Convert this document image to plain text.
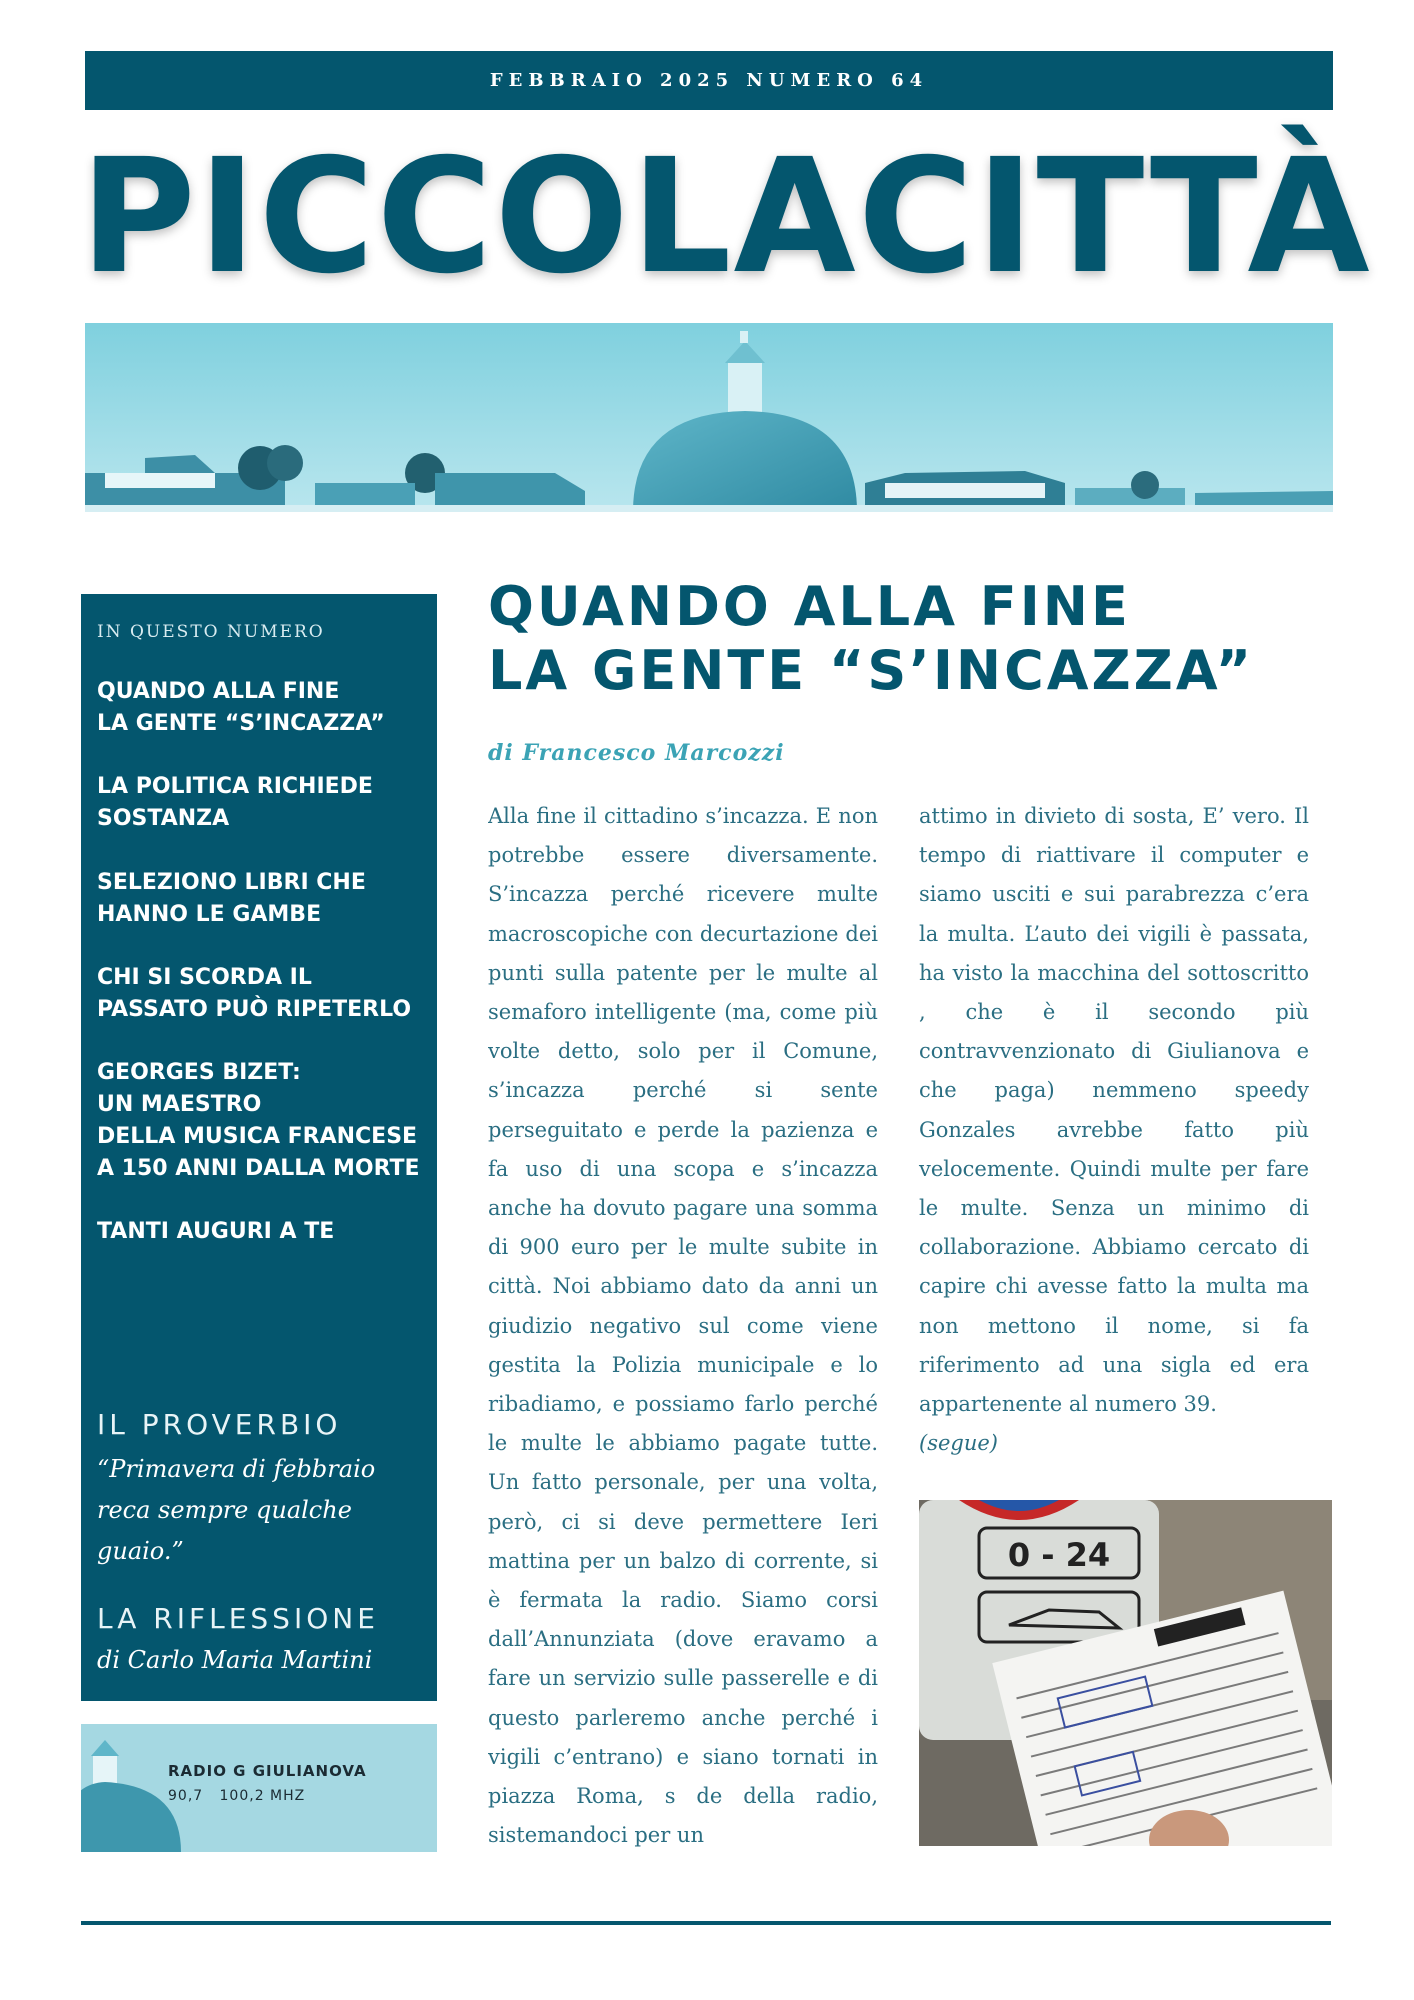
FEBBRAIO 2025 NUMERO 64
PICCOLACITTÀ
IN QUESTO NUMERO
QUANDO ALLA FINE
LA GENTE “S’INCAZZA”
LA POLITICA RICHIEDE
SOSTANZA
SELEZIONO LIBRI CHE
HANNO LE GAMBE
CHI SI SCORDA IL
PASSATO PUÒ RIPETERLO
GEORGES BIZET:
UN MAESTRO
DELLA MUSICA FRANCESE
A 150 ANNI DALLA MORTE
TANTI AUGURI A TE
IL PROVERBIO
“Primavera di febbraio reca sempre qualche guaio.”
LA RIFLESSIONE
di Carlo Maria Martini
RADIO G GIULIANOVA
90,7   100,2 MHZ
QUANDO ALLA FINE
LA GENTE “S’INCAZZA”
di Francesco Marcozzi
Alla fine il cittadino s’incazza. E non potrebbe essere diversamente. S’incazza perché ricevere multe macroscopiche con decurtazione dei punti sulla patente per le multe al semaforo intelligente (ma, come più volte detto, solo per il Comune, s’incazza perché si sente perseguitato e perde la pazienza e fa uso di una scopa e s’incazza anche ha dovuto pagare una somma di 900 euro per le multe subite in città. Noi abbiamo dato da anni un giudizio negativo sul come viene gestita la Polizia municipale e lo ribadiamo, e possiamo farlo perché le multe le abbiamo pagate tutte. Un fatto personale, per una volta, però, ci si deve permettere Ieri mattina per un balzo di corrente, si è fermata la radio. Siamo corsi dall’Annunziata (dove eravamo a fare un servizio sulle passerelle e di questo parleremo anche perché i vigili c’entrano) e siano tornati in piazza Roma, s de della radio, sistemandoci per un
attimo in divieto di sosta, E’ vero. Il tempo di riattivare il computer e siamo usciti e sui parabrezza c’era la multa. L’auto dei vigili è passata, ha visto la macchina del sottoscritto , che è il secondo più contravvenzionato di Giulianova e che paga) nemmeno speedy Gonzales avrebbe fatto più velocemente. Quindi multe per fare le multe. Senza un minimo di collaborazione. Abbiamo cercato di capire chi avesse fatto la multa ma non mettono il nome, si fa riferimento ad una sigla ed era appartenente al numero 39.
(segue)
0 - 24
